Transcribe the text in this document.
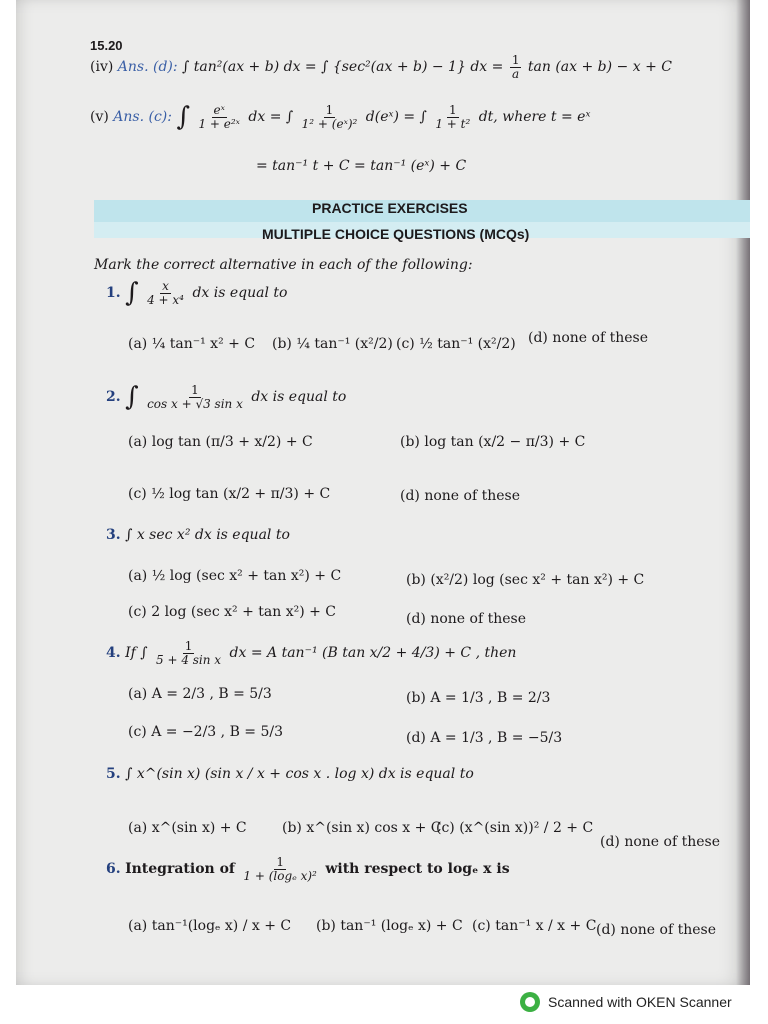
15.20
(iv) Ans. (d): ∫ tan²(ax + b) dx = ∫ {sec²(ax + b) − 1} dx = $\frac{1}{a}$ tan (ax + b) − x + C
(v) Ans. (c): ∫ $\frac{\text{eˣ}}{\text{1 + e²ˣ}}$ dx = ∫ $\frac{1}{\text{1² + (eˣ)²}}$ d(eˣ) = ∫ $\frac{1}{\text{1 + t²}}$ dt, where t = eˣ
= tan⁻¹ t + C = tan⁻¹ (eˣ) + C
PRACTICE EXERCISES
MULTIPLE CHOICE QUESTIONS (MCQs)
Mark the correct alternative in each of the following:
1. ∫ $\frac{x}{\text{4 + x⁴}}$ dx is equal to
(a) ¼ tan⁻¹ x² + C (b) ¼ tan⁻¹ (x²/2) (c) ½ tan⁻¹ (x²/2) (d) none of these
2. ∫ $\frac{1}{\text{cos x + √3 sin x}}$ dx is equal to
(a) log tan (π/3 + x/2) + C	(b) log tan (x/2 − π/3) + C
(c) ½ log tan (x/2 + π/3) + C	(d) none of these
3. ∫ x sec x² dx is equal to
(a) ½ log (sec x² + tan x²) + C	(b) (x²/2) log (sec x² + tan x²) + C
(c) 2 log (sec x² + tan x²) + C	(d) none of these
4. If ∫ $\frac{1}{\text{5 + 4 sin x}}$ dx = A tan⁻¹ (B tan x/2 + 4/3) + C , then
(a) A = 2/3 , B = 5/3	(b) A = 1/3 , B = 2/3
(c) A = −2/3 , B = 5/3	(d) A = 1/3 , B = −5/3
5. ∫ x^(sin x) (sin x / x + cos x . log x) dx is equal to
(a) x^(sin x) + C	(b) x^(sin x) cos x + C
(c) (x^(sin x))² / 2 + C
(d) none of these
6. Integration of $\frac{1}{\text{1 + (logₑ x)²}}$ with respect to logₑ x is
(a) tan⁻¹(logₑ x) / x + C (b) tan⁻¹ (logₑ x) + C (c) tan⁻¹ x / x + C (d) none of these
Scanned with OKEN Scanner
